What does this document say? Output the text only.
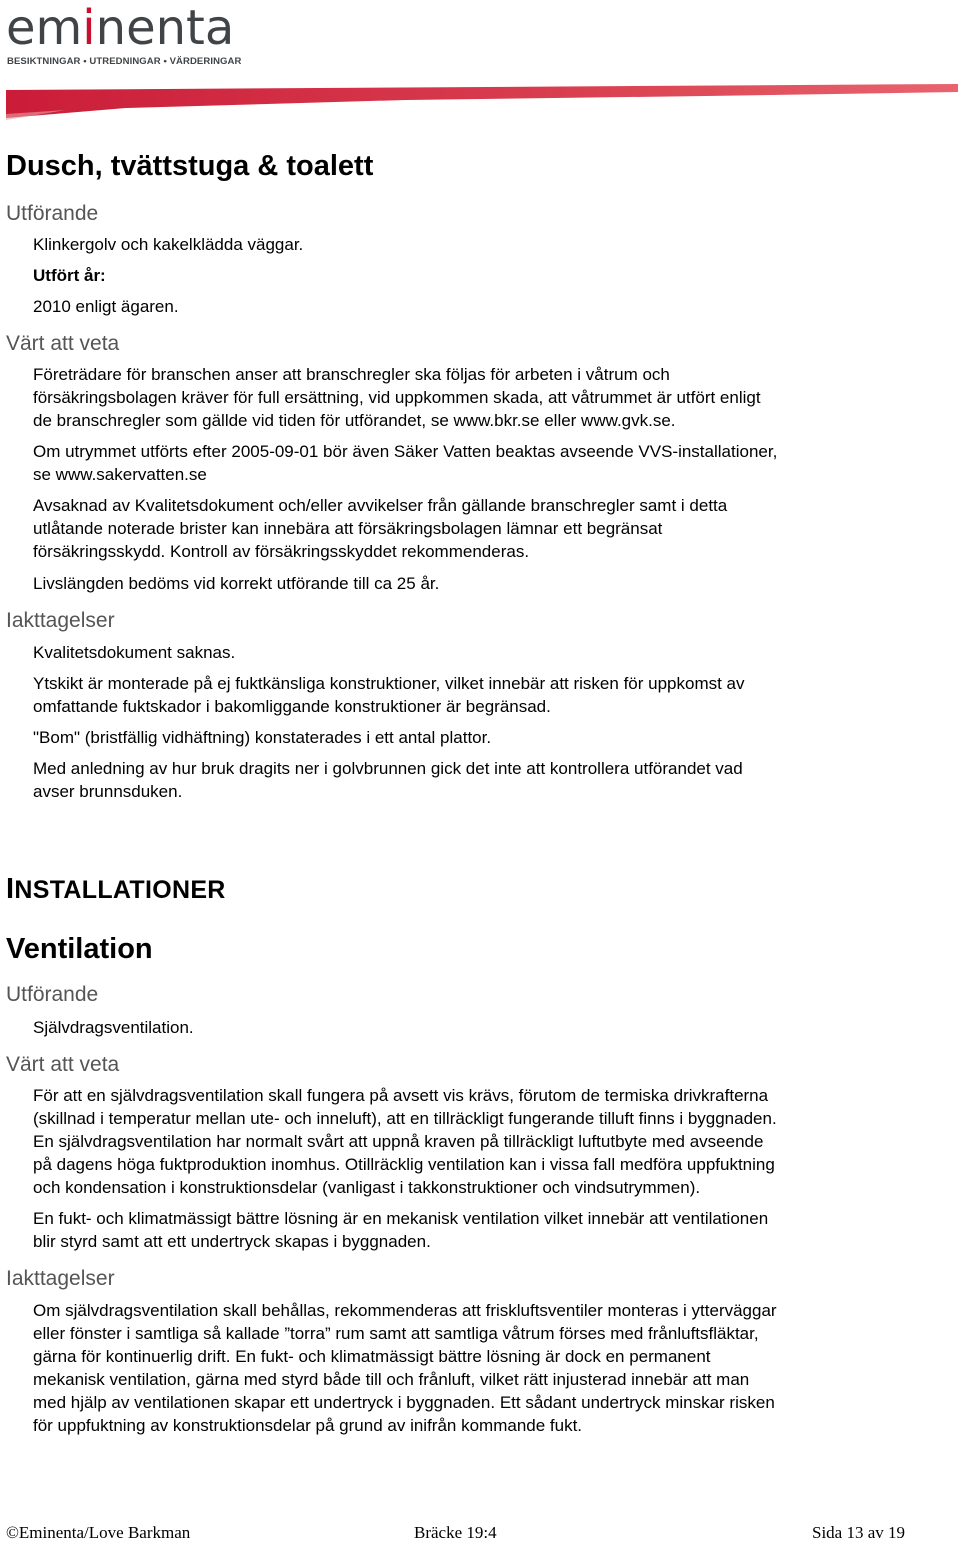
eminenta
BESIKTNINGAR • UTREDNINGAR • VÄRDERINGAR
Dusch, tvättstuga & toalett
Utförande
Klinkergolv och kakelklädda väggar.
Utfört år:
2010 enligt ägaren.
Värt att veta
Företrädare för branschen anser att branschregler ska följas för arbeten i våtrum och
försäkringsbolagen kräver för full ersättning, vid uppkommen skada, att våtrummet är utfört enligt
de branschregler som gällde vid tiden för utförandet, se www.bkr.se eller www.gvk.se.
Om utrymmet utförts efter 2005-09-01 bör även Säker Vatten beaktas avseende VVS-installationer,
se www.sakervatten.se
Avsaknad av Kvalitetsdokument och/eller avvikelser från gällande branschregler samt i detta
utlåtande noterade brister kan innebära att försäkringsbolagen lämnar ett begränsat
försäkringsskydd. Kontroll av försäkringsskyddet rekommenderas.
Livslängden bedöms vid korrekt utförande till ca 25 år.
Iakttagelser
Kvalitetsdokument saknas.
Ytskikt är monterade på ej fuktkänsliga konstruktioner, vilket innebär att risken för uppkomst av
omfattande fuktskador i bakomliggande konstruktioner är begränsad.
"Bom" (bristfällig vidhäftning) konstaterades i ett antal plattor.
Med anledning av hur bruk dragits ner i golvbrunnen gick det inte att kontrollera utförandet vad
avser brunnsduken.
INSTALLATIONER
Ventilation
Utförande
Självdragsventilation.
Värt att veta
För att en självdragsventilation skall fungera på avsett vis krävs, förutom de termiska drivkrafterna
(skillnad i temperatur mellan ute- och inneluft), att en tillräckligt fungerande tilluft finns i byggnaden.
En självdragsventilation har normalt svårt att uppnå kraven på tillräckligt luftutbyte med avseende
på dagens höga fuktproduktion inomhus. Otillräcklig ventilation kan i vissa fall medföra uppfuktning
och kondensation i konstruktionsdelar (vanligast i takkonstruktioner och vindsutrymmen).
En fukt- och klimatmässigt bättre lösning är en mekanisk ventilation vilket innebär att ventilationen
blir styrd samt att ett undertryck skapas i byggnaden.
Iakttagelser
Om självdragsventilation skall behållas, rekommenderas att friskluftsventiler monteras i ytterväggar
eller fönster i samtliga så kallade ”torra” rum samt att samtliga våtrum förses med frånluftsfläktar,
gärna för kontinuerlig drift. En fukt- och klimatmässigt bättre lösning är dock en permanent
mekanisk ventilation, gärna med styrd både till och frånluft, vilket rätt injusterad innebär att man
med hjälp av ventilationen skapar ett undertryck i byggnaden. Ett sådant undertryck minskar risken
för uppfuktning av konstruktionsdelar på grund av inifrån kommande fukt.
©Eminenta/Love Barkman	Bräcke 19:4	Sida 13 av 19
